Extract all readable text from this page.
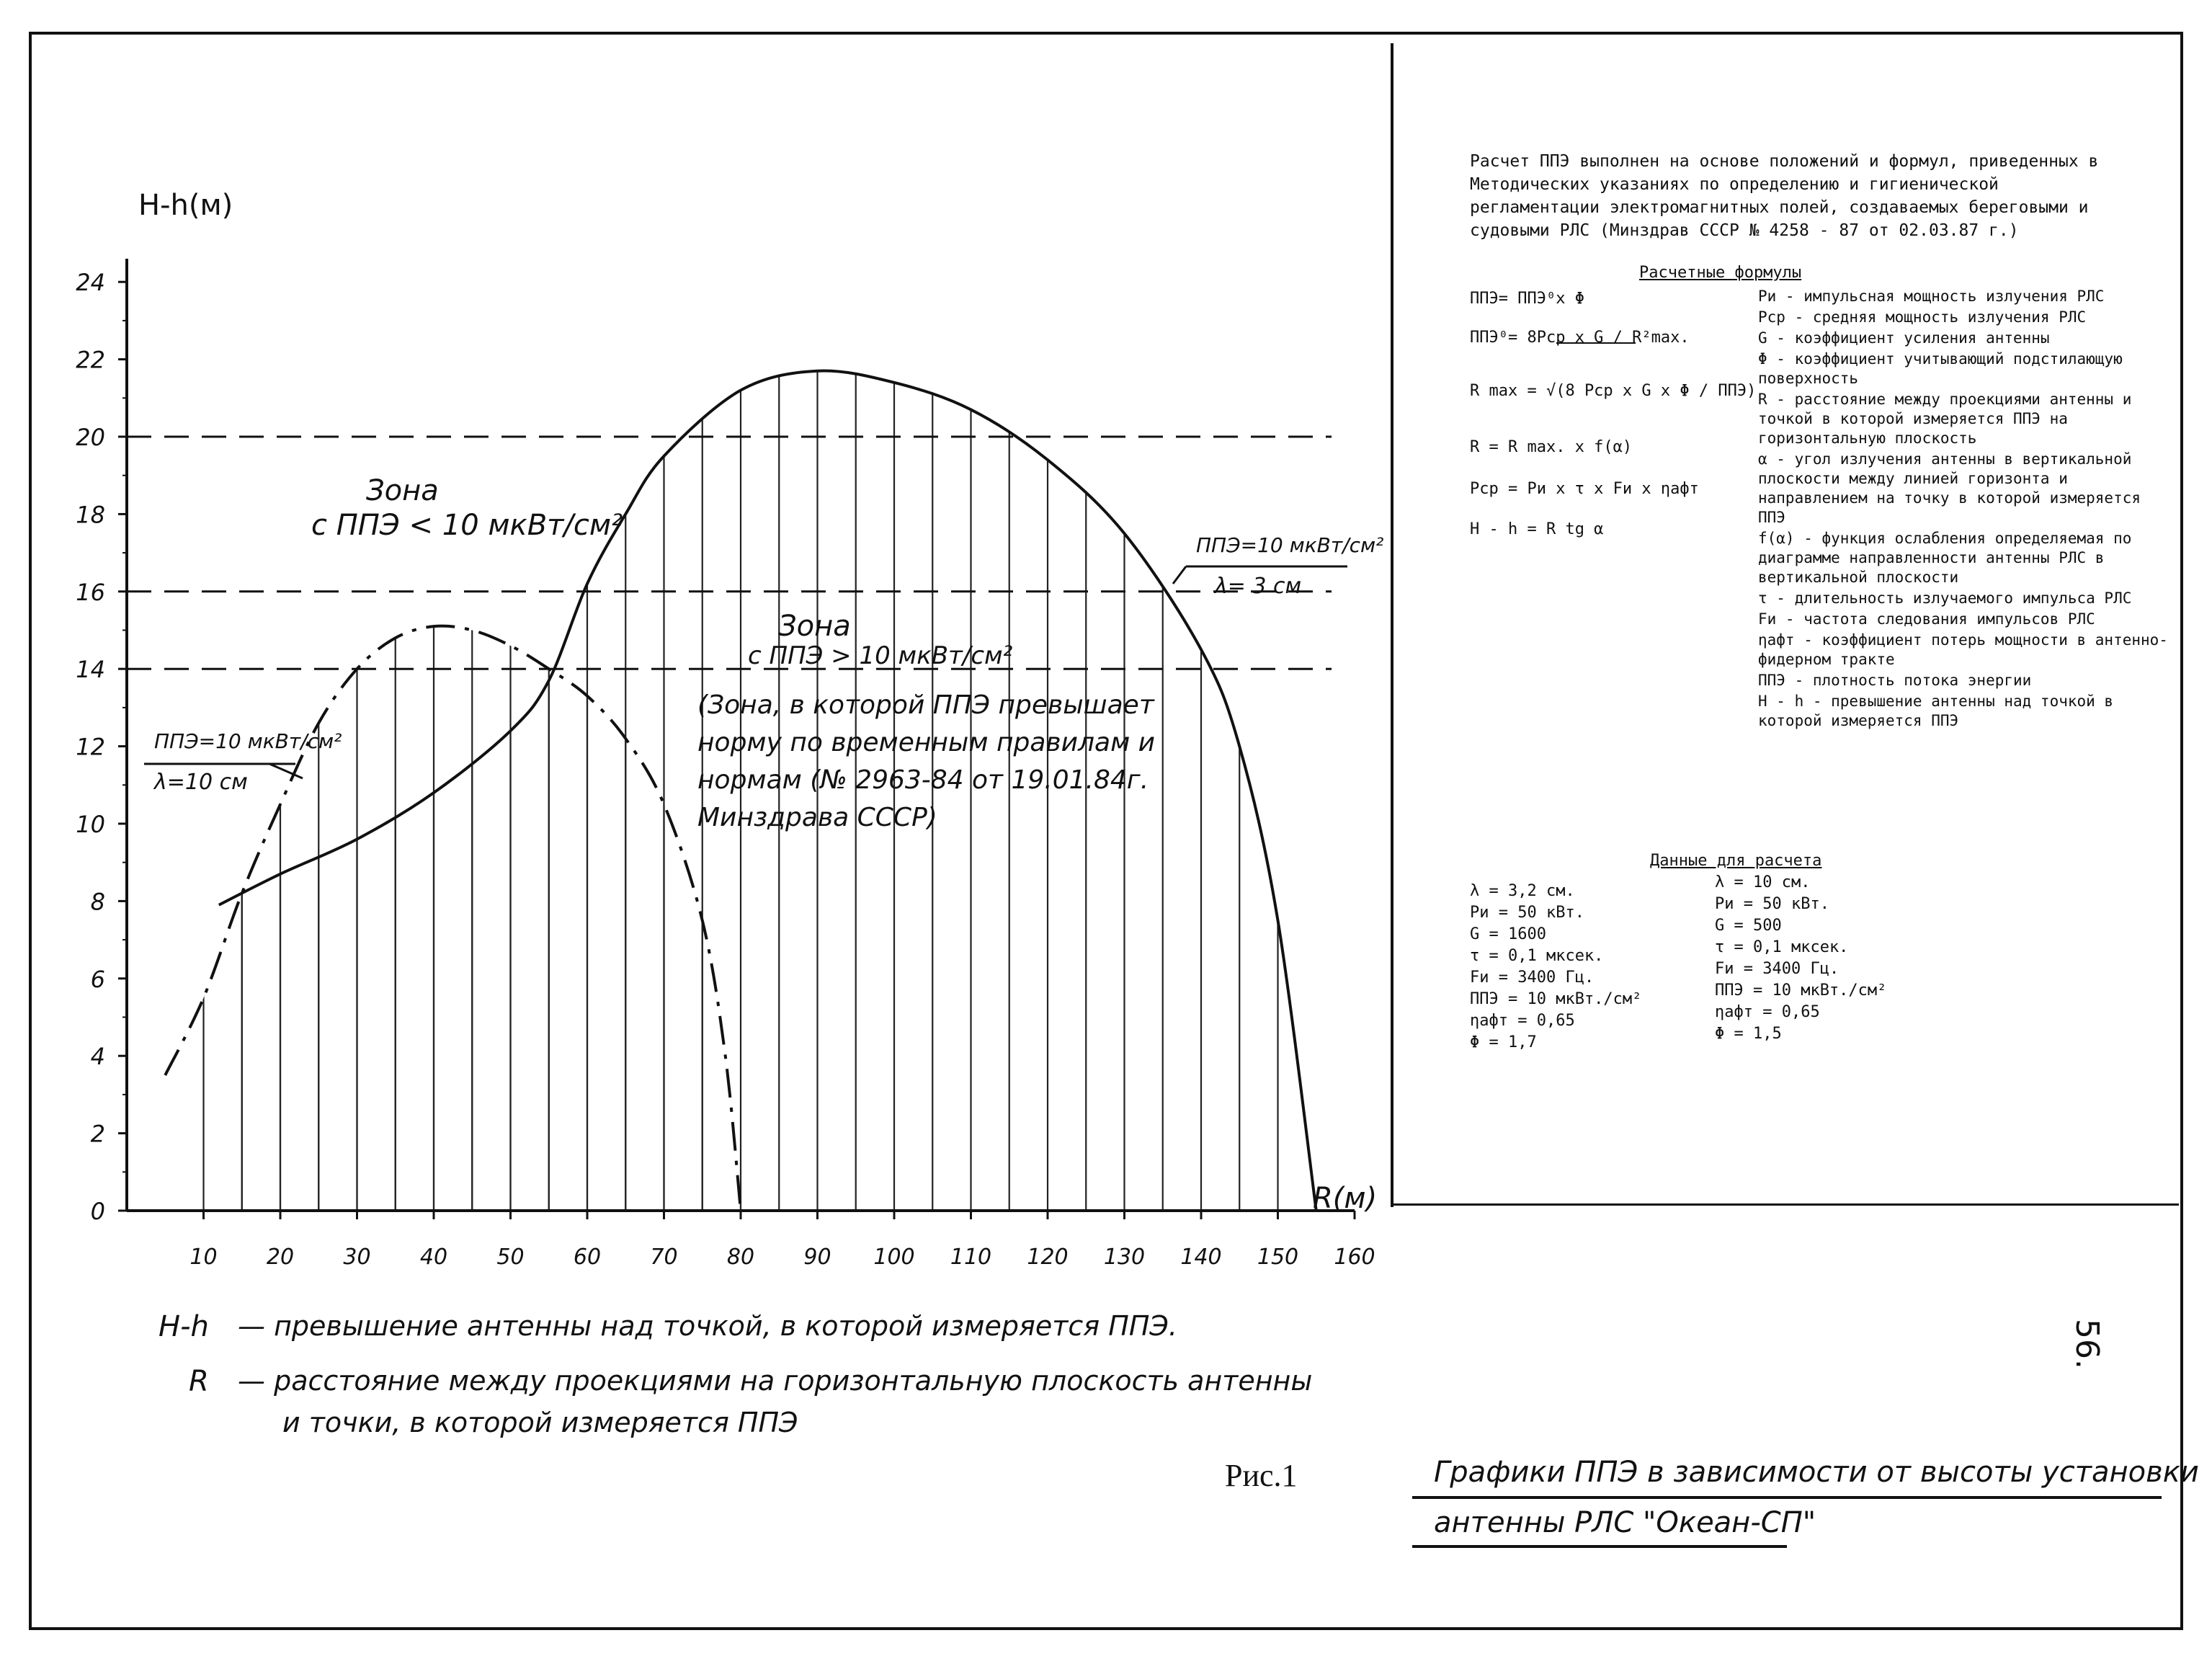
0
2
4
6
8
10
12
14
16
18
20
22
24
10 20 30 40 50 60 70 80 90 100 110 120 130 140 150 160
H-h(м)
R(м)
Зона
с ППЭ < 10 мкВт/см²
Зона
с ППЭ > 10 мкВт/см²
(Зона, в которой ППЭ превышает
норму по временным правилам и
нормам (№ 2963-84 от 19.01.84г.
Минздрава СССР)
ППЭ=10 мкВт/см²
λ= 3 см
ППЭ=10 мкВт/см²
λ=10 см
H-h — превышение антенны над точкой, в которой измеряется ППЭ.
R — расстояние между проекциями на горизонтальную плоскость антенны
и точки, в которой измеряется ППЭ
Расчет ППЭ выполнен на основе положений и формул, приведенных в Методических указаниях по определению и гигиенической регламентации электромагнитных полей, создаваемых береговыми и судовыми РЛС (Минздрав СССР № 4258 - 87 от 02.03.87 г.)
Расчетные формулы
ППЭ= ППЭ⁰x Φ
ППЭ⁰= 8Pcp x G / R²max.
R max = √(8 Pcp x G x Φ / ППЭ)
R = R max. x f(α)
Pcp = Pи x τ x Fи x ηафт
H - h = R tg α
Pи - импульсная мощность излучения РЛС
Pcp - средняя мощность излучения РЛС
G - коэффициент усиления антенны
Φ - коэффициент учитывающий подстилающую поверхность
R - расстояние между проекциями антенны и точкой в которой измеряется ППЭ на горизонтальную плоскость
α - угол излучения антенны в вертикальной плоскости между линией горизонта и направлением на точку в которой измеряется ППЭ
f(α) - функция ослабления определяемая по диаграмме направленности антенны РЛС в вертикальной плоскости
τ - длительность излучаемого импульса РЛС
Fи - частота следования импульсов РЛС
ηафт - коэффициент потерь мощности в антенно-фидерном тракте
ППЭ - плотность потока энергии
H - h - превышение антенны над точкой в которой измеряется ППЭ
Данные для расчета
λ = 3,2 см.
Pи = 50 кВт.
G = 1600
τ = 0,1 мксек.
Fи = 3400 Гц.
ППЭ = 10 мкВт./см²
ηафт = 0,65
Φ = 1,7
λ = 10 см.
Pи = 50 кВт.
G = 500
τ = 0,1 мксек.
Fи = 3400 Гц.
ППЭ = 10 мкВт./см²
ηафт = 0,65
Φ = 1,5
56.
Рис.1	Графики ППЭ в зависимости от высоты установки
антенны РЛС "Океан-СП"
